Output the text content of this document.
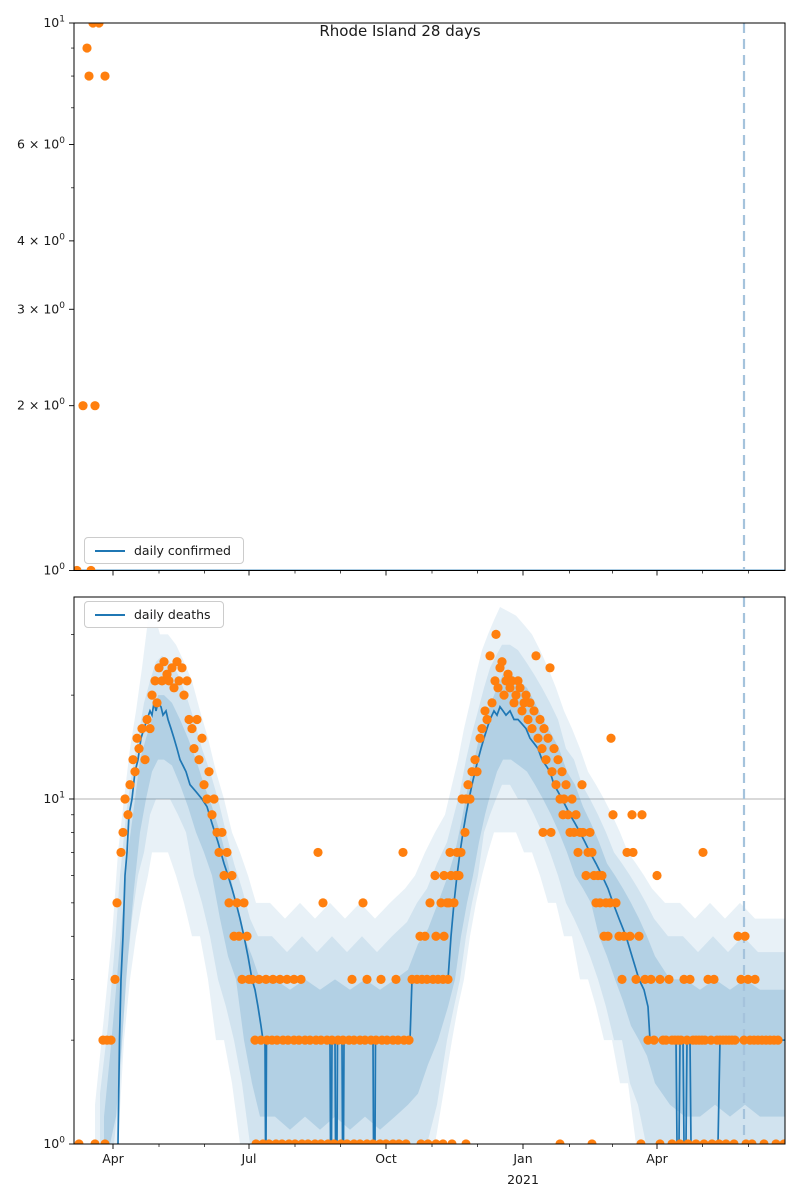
$10^1$
$6 \times 10^0$
$4 \times 10^0$
$3 \times 10^0$
$2 \times 10^0$
$10^0$
$10^1$
$10^0$
Apr	Jul	Oct	Jan	Apr
2021
Rhode Island 28 days
daily confirmed
daily deaths
